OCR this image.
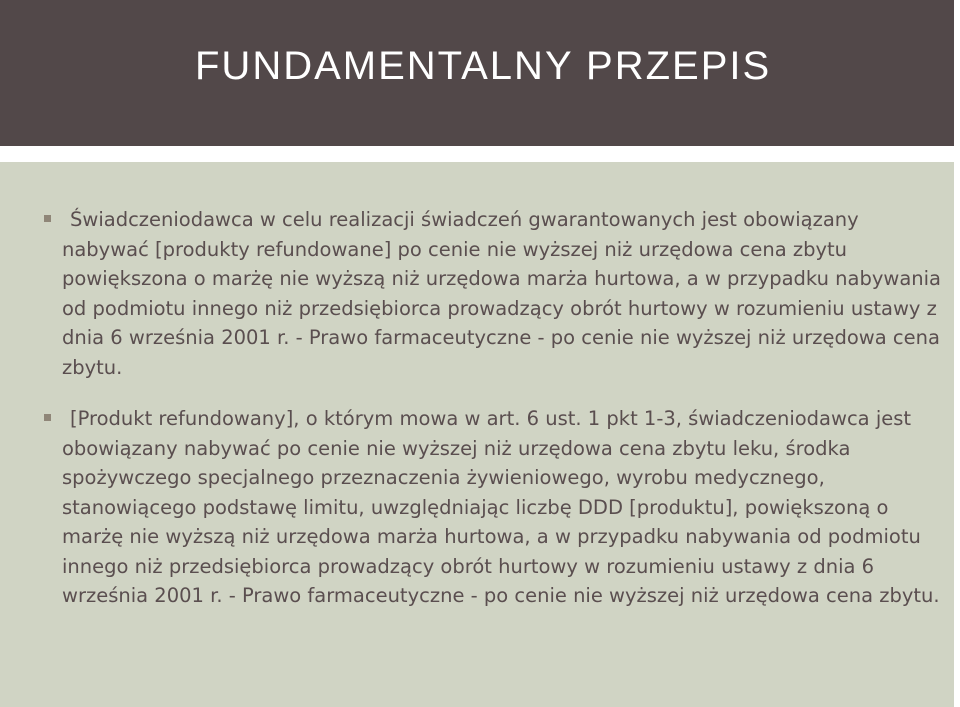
FUNDAMENTALNY PRZEPIS
Świadczeniodawca w celu realizacji świadczeń gwarantowanych jest obowiązany nabywać [produkty refundowane] po cenie nie wyższej niż urzędowa cena zbytu powiększona o marżę nie wyższą niż urzędowa marża hurtowa, a w przypadku nabywania od podmiotu innego niż przedsiębiorca prowadzący obrót hurtowy w rozumieniu ustawy z dnia 6 września 2001 r. - Prawo farmaceutyczne - po cenie nie wyższej niż urzędowa cena zbytu.
[Produkt refundowany], o którym mowa w art. 6 ust. 1 pkt 1-3, świadczeniodawca jest obowiązany nabywać po cenie nie wyższej niż urzędowa cena zbytu leku, środka spożywczego specjalnego przeznaczenia żywieniowego, wyrobu medycznego, stanowiącego podstawę limitu, uwzględniając liczbę DDD [produktu], powiększoną o marżę nie wyższą niż urzędowa marża hurtowa, a w przypadku nabywania od podmiotu innego niż przedsiębiorca prowadzący obrót hurtowy w rozumieniu ustawy z dnia 6 września 2001 r. - Prawo farmaceutyczne - po cenie nie wyższej niż urzędowa cena zbytu.
